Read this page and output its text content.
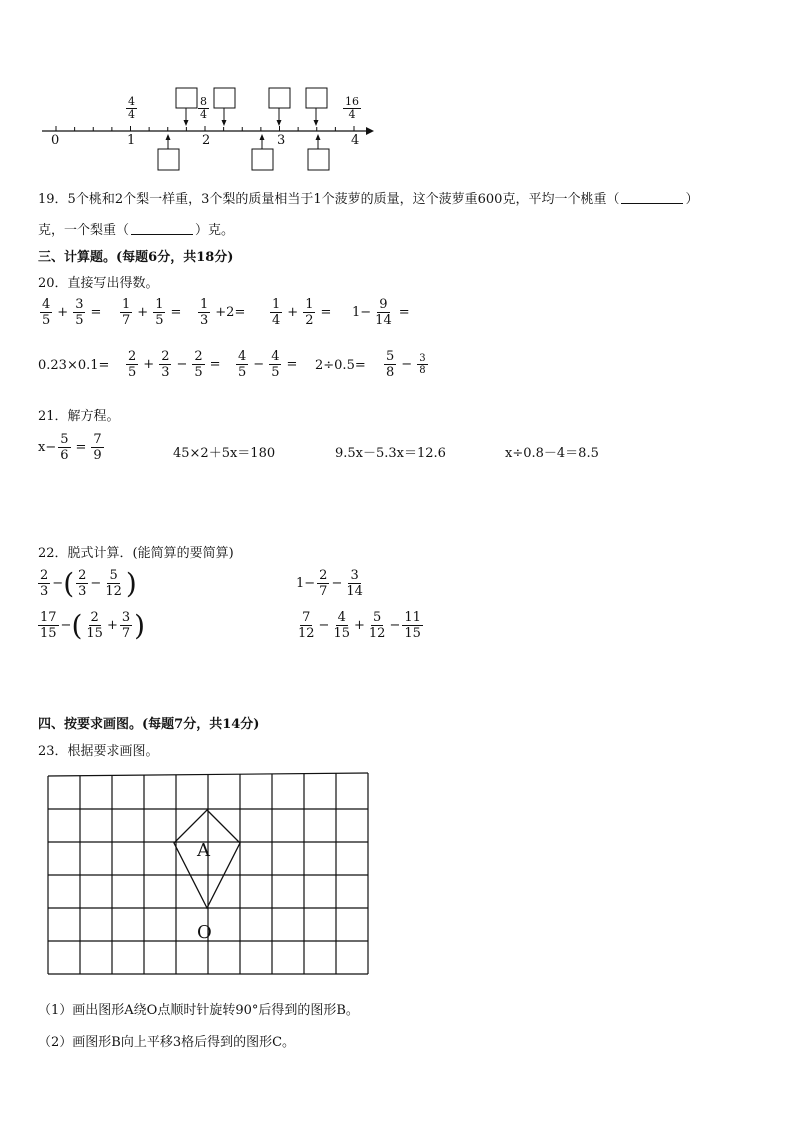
0	1	2	3	4
$\frac{4}{4}$	$\frac{8}{4}$	$\frac{16}{4}$
19．5个桃和2个梨一样重，3个梨的质量相当于1个菠萝的质量，这个菠萝重600克，平均一个桃重（	）
克，一个梨重（	）克。
三、计算题。(每题6分，共18分)
20．直接写出得数。
$\frac{4}{5} + \frac{3}{5} = \frac{1}{7} + \frac{1}{5} = \frac{1}{3} +2= \frac{1}{4} + \frac{1}{2} = 1- \frac{9}{14}$ =
$0.23\times 0.1= \frac{2}{5} + \frac{2}{3} - \frac{2}{5} = \frac{4}{5} - \frac{4}{5} = 2\div 0.5= \frac{5}{8} - \frac{3}{8}$
21．解方程。
$x- \frac{5}{6} = \frac{7}{9}$	45×2＋5x＝180	9.5x－5.3x＝12.6	x÷0.8－4＝8.5
22．脱式计算．(能简算的要简算)
$\frac{2}{3}$ − ( $\frac{2}{3} - \frac{5}{12}$ )	$1- \frac{2}{7} - \frac{3}{14}$
$\frac{17}{15}$ − ( $\frac{2}{15} + \frac{3}{7}$ )	$\frac{7}{12} - \frac{4}{15} + \frac{5}{12} - \frac{11}{15}$
四、按要求画图。(每题7分，共14分)
23．根据要求画图。
A
O
（1）画出图形A绕O点顺时针旋转90°后得到的图形B。
（2）画图形B向上平移3格后得到的图形C。
